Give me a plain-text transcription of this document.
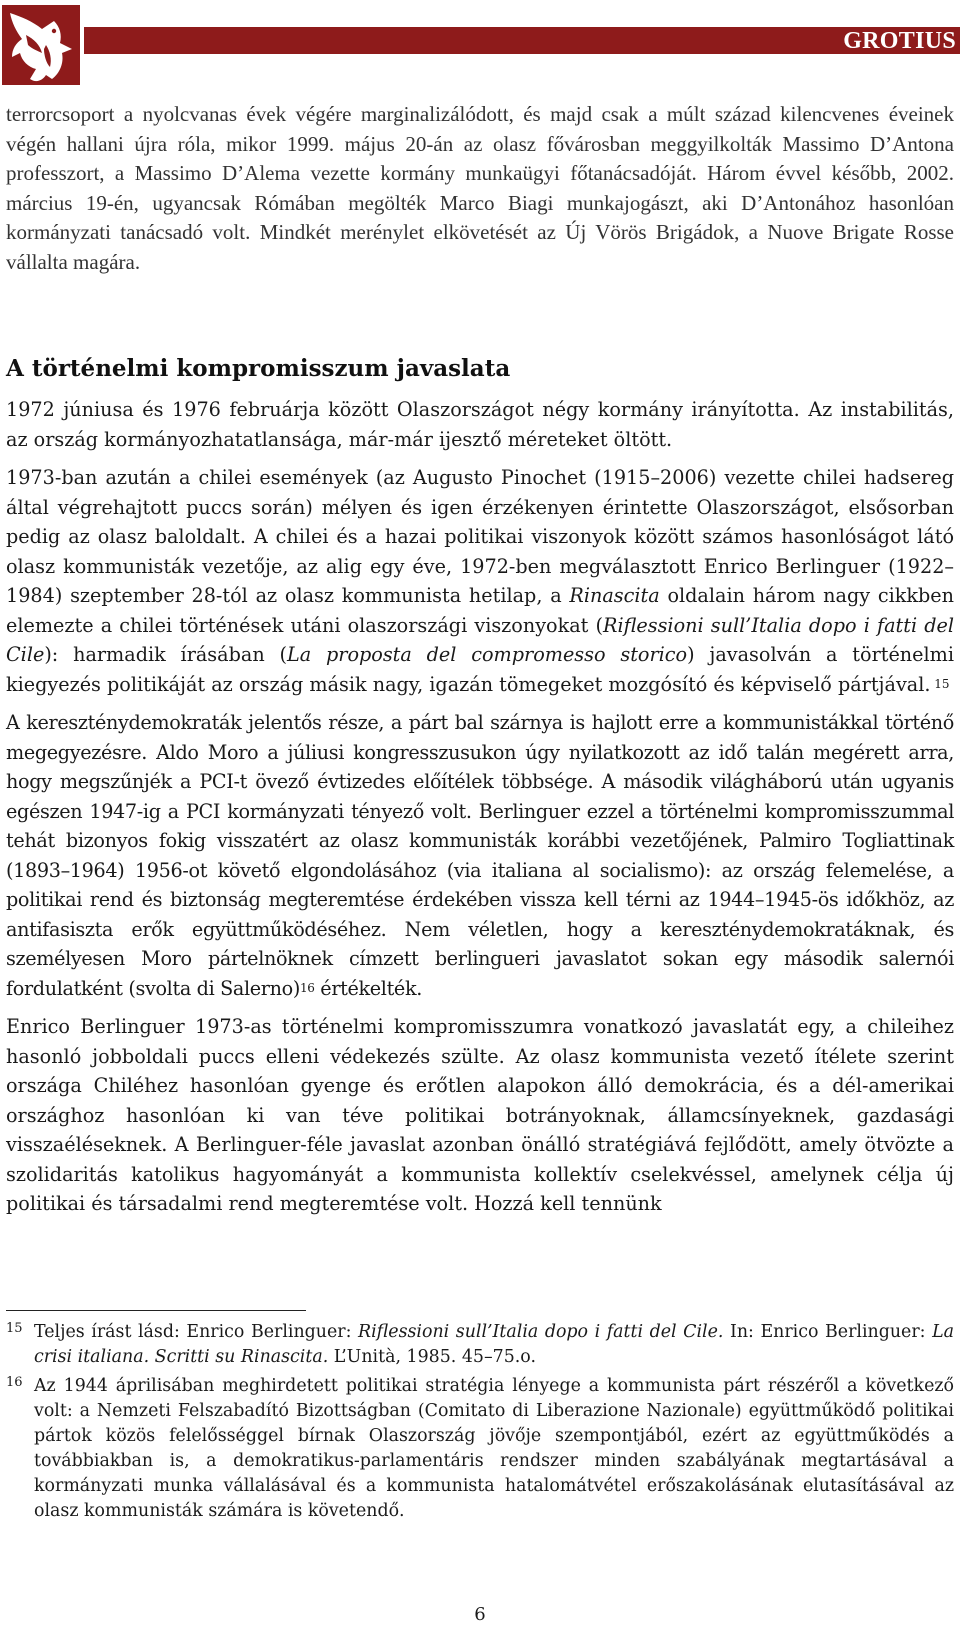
GROTIUS

terrorcsoport a nyolcvanas évek végére marginalizálódott, és majd csak a múlt század kilencvenes éveinek végén hallani újra róla, mikor 1999. május 20-án az olasz fővárosban meggyilkolták Massimo D’Antona professzort, a Massimo D’Alema vezette kormány munkaügyi főtanácsadóját. Három évvel később, 2002. március 19-én, ugyancsak Rómában megölték Marco Biagi munkajogászt, aki D’Antonához hasonlóan kormányzati tanácsadó volt. Mindkét merénylet elkövetését az Új Vörös Brigádok, a Nuove Brigate Rosse vállalta magára.

A történelmi kompromisszum javaslata

1972 júniusa és 1976 februárja között Olaszországot négy kormány irányította. Az instabilitás, az ország kormányozhatatlansága, már-már ijesztő méreteket öltött.

1973-ban azután a chilei események (az Augusto Pinochet (1915–2006) vezette chilei hadsereg által végrehajtott puccs során) mélyen és igen érzékenyen érintette Olaszországot, elsősorban pedig az olasz baloldalt. A chilei és a hazai politikai viszonyok között számos hasonlóságot látó olasz kommunisták vezetője, az alig egy éve, 1972-ben megválasztott Enrico Berlinguer (1922–1984) szeptember 28-tól az olasz kommunista hetilap, a Rinascita oldalain három nagy cikkben elemezte a chilei történések utáni olaszországi viszonyokat (Riflessioni sull’Italia dopo i fatti del Cile): harmadik írásában (La proposta del compromesso storico) javasolván a történelmi kiegyezés politikáját az ország másik nagy, igazán tömegeket mozgósító és képviselő pártjával. $^{15}$

A kereszténydemokraták jelentős része, a párt bal szárnya is hajlott erre a kommunistákkal történő megegyezésre. Aldo Moro a júliusi kongresszusukon úgy nyilatkozott az idő talán megérett arra, hogy megszűnjék a PCI-t övező évtizedes előítélek többsége. A második világháború után ugyanis egészen 1947-ig a PCI kormányzati tényező volt. Berlinguer ezzel a történelmi kompromisszummal tehát bizonyos fokig visszatért az olasz kommunisták korábbi vezetőjének, Palmiro Togliattinak (1893–1964) 1956-ot követő elgondolásához (via italiana al socialismo): az ország felemelése, a politikai rend és biztonság megteremtése érdekében vissza kell térni az 1944–1945-ös időkhöz, az antifasiszta erők együttműködéséhez. Nem véletlen, hogy a kereszténydemokratáknak, és személyesen Moro pártelnöknek címzett berlingueri javaslatot sokan egy második salernói fordulatként (svolta di Salerno)$^{16}$ értékelték.

Enrico Berlinguer 1973-as történelmi kompromisszumra vonatkozó javaslatát egy, a chileihez hasonló jobboldali puccs elleni védekezés szülte. Az olasz kommunista vezető ítélete szerint országa Chiléhez hasonlóan gyenge és erőtlen alapokon álló demokrácia, és a dél-amerikai országhoz hasonlóan ki van téve politikai botrányoknak, államcsínyeknek, gazdasági visszaéléseknek. A Berlinguer-féle javaslat azonban önálló stratégiává fejlődött, amely ötvözte a szolidaritás katolikus hagyományát a kommunista kollektív cselekvéssel, amelynek célja új politikai és társadalmi rend megteremtése volt. Hozzá kell tennünk

15 Teljes írást lásd: Enrico Berlinguer: Riflessioni sull’Italia dopo i fatti del Cile. In: Enrico Berlinguer: La crisi italiana. Scritti su Rinascita. L’Unità, 1985. 45–75.o.
16 Az 1944 áprilisában meghirdetett politikai stratégia lényege a kommunista párt részéről a következő volt: a Nemzeti Felszabadító Bizottságban (Comitato di Liberazione Nazionale) együttműködő politikai pártok közös felelősséggel bírnak Olaszország jövője szempontjából, ezért az együttműködés a továbbiakban is, a demokratikus-parlamentáris rendszer minden szabályának megtartásával a kormányzati munka vállalásával és a kommunista hatalomátvétel erőszakolásának elutasításával az olasz kommunisták számára is követendő.
6
